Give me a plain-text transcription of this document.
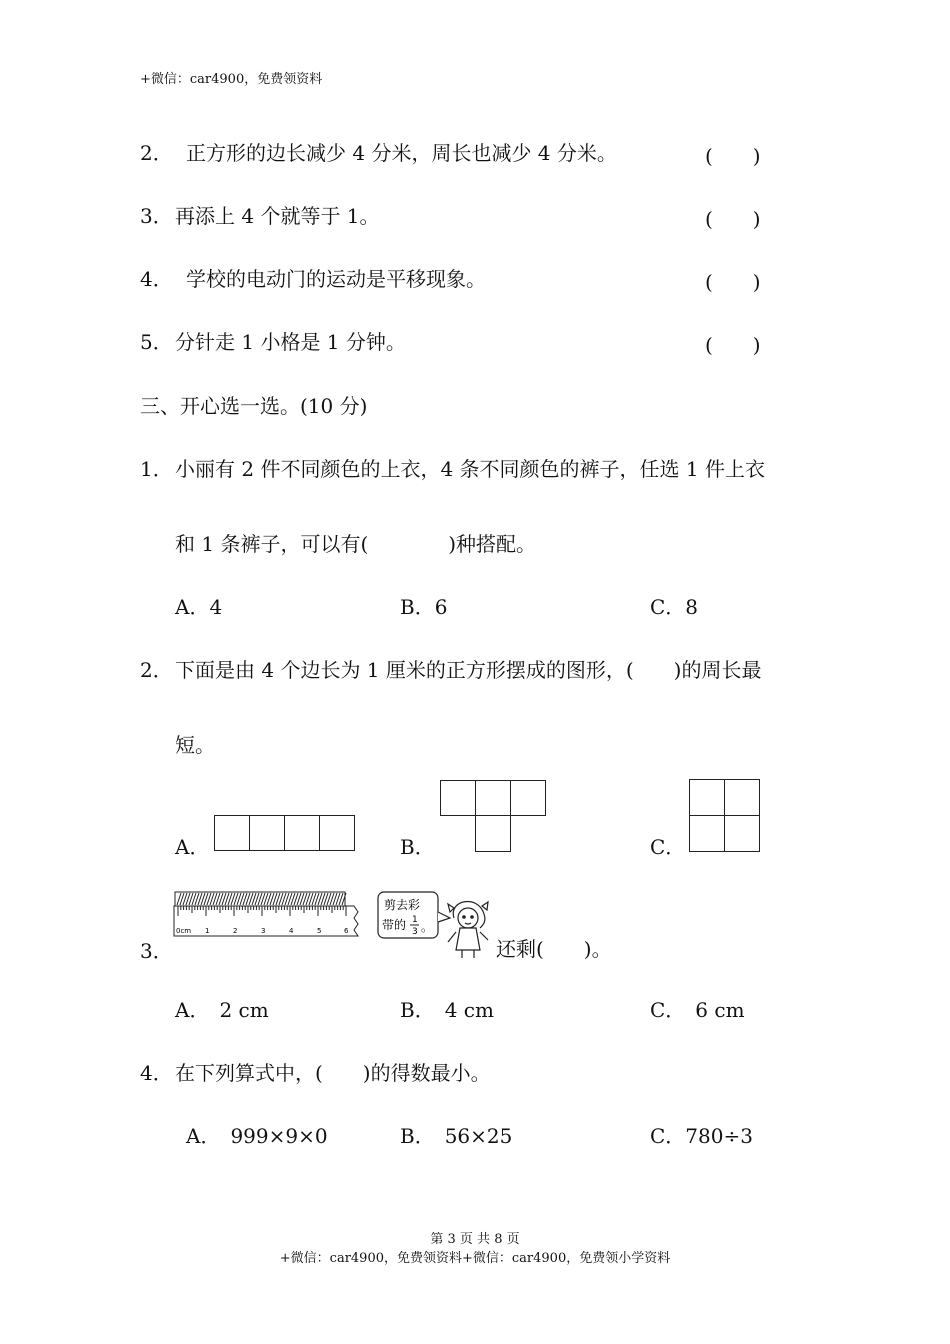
+微信：car4900，免费领资料
2． 正方形的边长减少 4 分米，周长也减少 4 分米。	(　　)
3． 再添上 4 个就等于 1。	(　　)
4． 学校的电动门的运动是平移现象。	(　　)
5． 分针走 1 小格是 1 分钟。	(　　)
三、开心选一选。(10 分)
1． 小丽有 2 件不同颜色的上衣，4 条不同颜色的裤子，任选 1 件上衣
和 1 条裤子，可以有(　　　　)种搭配。
A．4	B．6	C．8
2． 下面是由 4 个边长为 1 厘米的正方形摆成的图形，(　　)的周长最
短。
A．	B．	C．
3．
0cm 1	2	3	4	5	6
剪去彩
带的 1
3 。
还剩(　　)。
A．　2 cm	B．　4 cm	C．　6 cm
4． 在下列算式中，(　　)的得数最小。
A．　999×9×0	B．　56×25	C．780÷3
第 3 页 共 8 页
+微信：car4900，免费领资料+微信：car4900，免费领小学资料
